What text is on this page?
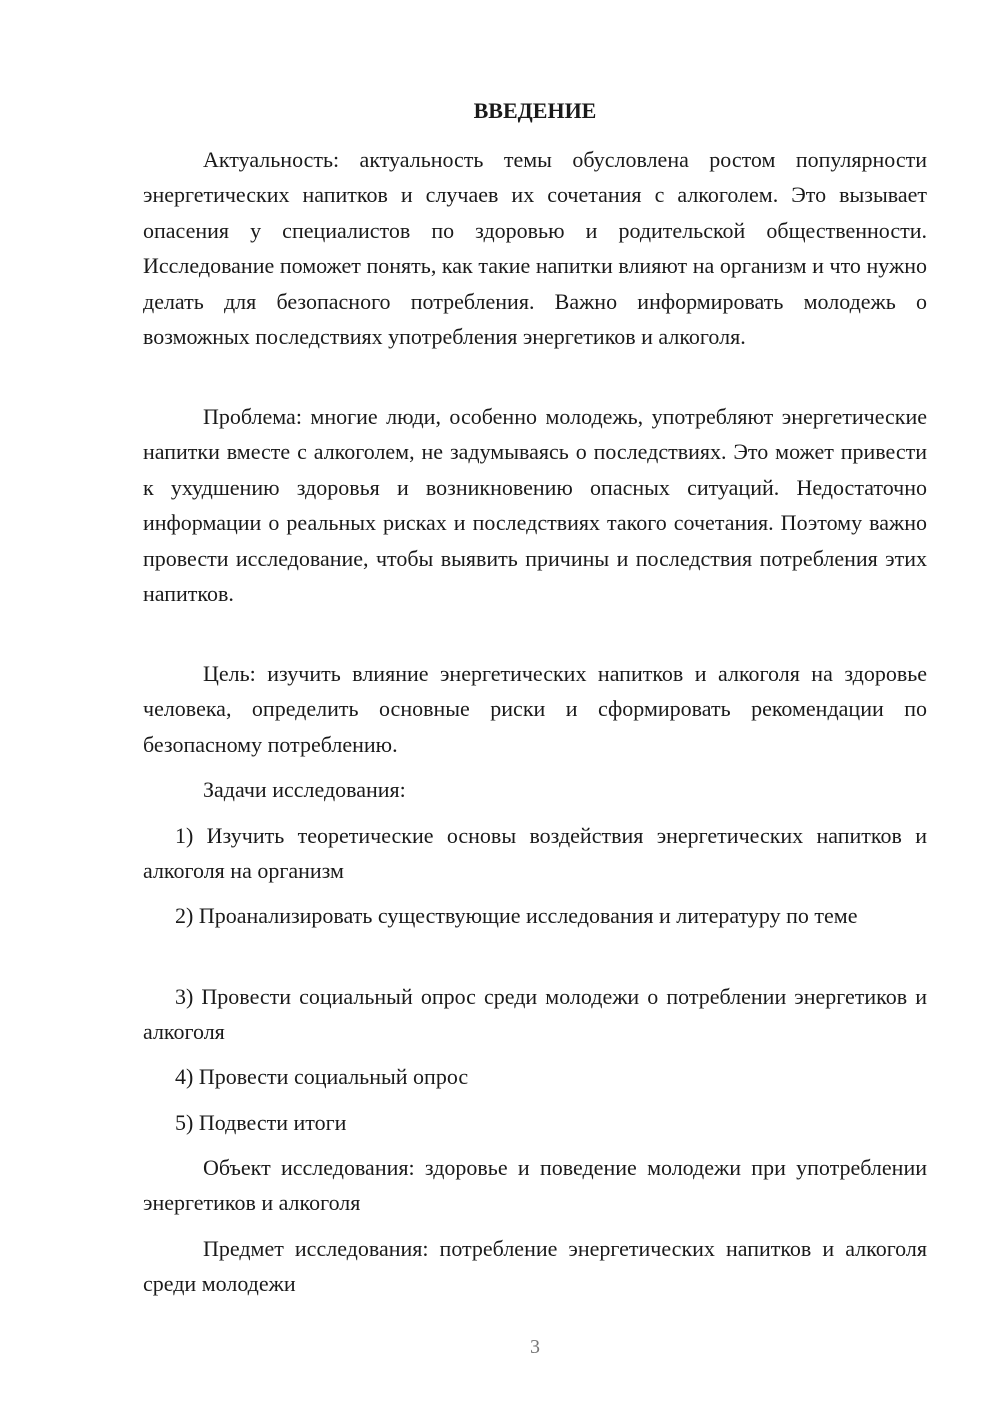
ВВЕДЕНИЕ

Актуальность: актуальность темы обусловлена ростом популярности энергетических напитков и случаев их сочетания с алкоголем. Это вызывает опасения у специалистов по здоровью и родительской общественности. Исследование поможет понять, как такие напитки влияют на организм и что нужно делать для безопасного потребления. Важно информировать молодежь о возможных последствиях употребления энергетиков и алкоголя.

Проблема: многие люди, особенно молодежь, употребляют энергетические напитки вместе с алкоголем, не задумываясь о последствиях. Это может привести к ухудшению здоровья и возникновению опасных ситуаций. Недостаточно информации о реальных рисках и последствиях такого сочетания. Поэтому важно провести исследование, чтобы выявить причины и последствия потребления этих напитков.

Цель: изучить влияние энергетических напитков и алкоголя на здоровье человека, определить основные риски и сформировать рекомендации по безопасному потреблению.

Задачи исследования:

1) Изучить теоретические основы воздействия энергетических напитков и алкоголя на организм

2) Проанализировать существующие исследования и литературу по теме

3) Провести социальный опрос среди молодежи о потреблении энергетиков и алкоголя

4) Провести социальный опрос

5) Подвести итоги

Объект исследования: здоровье и поведение молодежи при употреблении энергетиков и алкоголя

Предмет исследования: потребление энергетических напитков и алкоголя среди молодежи

3
